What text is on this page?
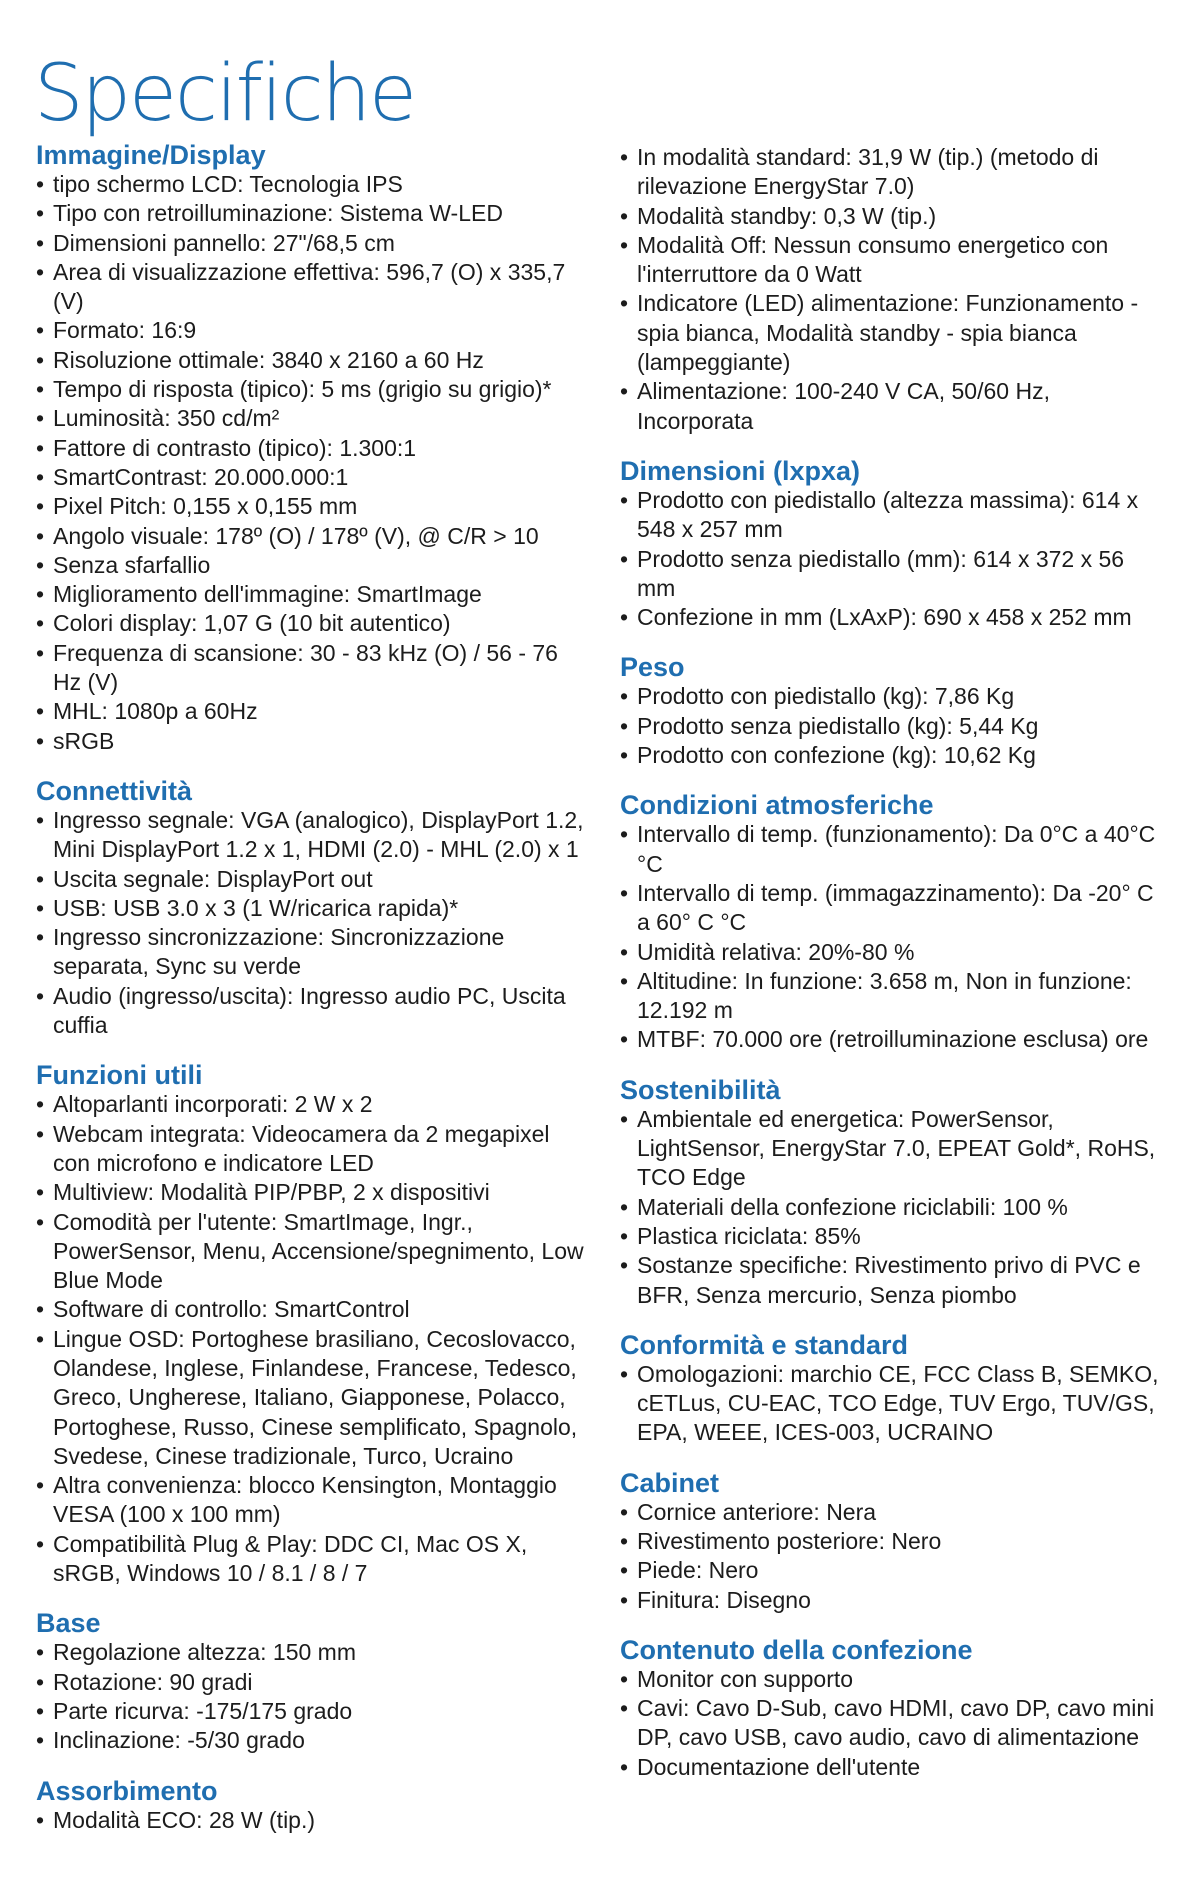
Specifiche
Immagine/Display
• tipo schermo LCD: Tecnologia IPS
• Tipo con retroilluminazione: Sistema W-LED
• Dimensioni pannello: 27"/68,5 cm
• Area di visualizzazione effettiva: 596,7 (O) x 335,7 (V)
• Formato: 16:9
• Risoluzione ottimale: 3840 x 2160 a 60 Hz
• Tempo di risposta (tipico): 5 ms (grigio su grigio)*
• Luminosità: 350 cd/m²
• Fattore di contrasto (tipico): 1.300:1
• SmartContrast: 20.000.000:1
• Pixel Pitch: 0,155 x 0,155 mm
• Angolo visuale: 178º (O) / 178º (V), @ C/R > 10
• Senza sfarfallio
• Miglioramento dell'immagine: SmartImage
• Colori display: 1,07 G (10 bit autentico)
• Frequenza di scansione: 30 - 83 kHz (O) / 56 - 76 Hz (V)
• MHL: 1080p a 60Hz
• sRGB
Connettività
• Ingresso segnale: VGA (analogico), DisplayPort 1.2, Mini DisplayPort 1.2 x 1, HDMI (2.0) - MHL (2.0) x 1
• Uscita segnale: DisplayPort out
• USB: USB 3.0 x 3 (1 W/ricarica rapida)*
• Ingresso sincronizzazione: Sincronizzazione separata, Sync su verde
• Audio (ingresso/uscita): Ingresso audio PC, Uscita cuffia
Funzioni utili
• Altoparlanti incorporati: 2 W x 2
• Webcam integrata: Videocamera da 2 megapixel con microfono e indicatore LED
• Multiview: Modalità PIP/PBP, 2 x dispositivi
• Comodità per l'utente: SmartImage, Ingr., PowerSensor, Menu, Accensione/spegnimento, Low Blue Mode
• Software di controllo: SmartControl
• Lingue OSD: Portoghese brasiliano, Cecoslovacco, Olandese, Inglese, Finlandese, Francese, Tedesco, Greco, Ungherese, Italiano, Giapponese, Polacco, Portoghese, Russo, Cinese semplificato, Spagnolo, Svedese, Cinese tradizionale, Turco, Ucraino
• Altra convenienza: blocco Kensington, Montaggio VESA (100 x 100 mm)
• Compatibilità Plug & Play: DDC CI, Mac OS X, sRGB, Windows 10 / 8.1 / 8 / 7
Base
• Regolazione altezza: 150 mm
• Rotazione: 90 gradi
• Parte ricurva: -175/175 grado
• Inclinazione: -5/30 grado
Assorbimento
• Modalità ECO: 28 W (tip.)
• In modalità standard: 31,9 W (tip.) (metodo di rilevazione EnergyStar 7.0)
• Modalità standby: 0,3 W (tip.)
• Modalità Off: Nessun consumo energetico con l'interruttore da 0 Watt
• Indicatore (LED) alimentazione: Funzionamento - spia bianca, Modalità standby - spia bianca (lampeggiante)
• Alimentazione: 100-240 V CA, 50/60 Hz, Incorporata
Dimensioni (lxpxa)
• Prodotto con piedistallo (altezza massima): 614 x 548 x 257 mm
• Prodotto senza piedistallo (mm): 614 x 372 x 56 mm
• Confezione in mm (LxAxP): 690 x 458 x 252 mm
Peso
• Prodotto con piedistallo (kg): 7,86 Kg
• Prodotto senza piedistallo (kg): 5,44 Kg
• Prodotto con confezione (kg): 10,62 Kg
Condizioni atmosferiche
• Intervallo di temp. (funzionamento): Da 0°C a 40°C °C
• Intervallo di temp. (immagazzinamento): Da -20° C a 60° C °C
• Umidità relativa: 20%-80 %
• Altitudine: In funzione: 3.658 m, Non in funzione: 12.192 m
• MTBF: 70.000 ore (retroilluminazione esclusa) ore
Sostenibilità
• Ambientale ed energetica: PowerSensor, LightSensor, EnergyStar 7.0, EPEAT Gold*, RoHS, TCO Edge
• Materiali della confezione riciclabili: 100 %
• Plastica riciclata: 85%
• Sostanze specifiche: Rivestimento privo di PVC e BFR, Senza mercurio, Senza piombo
Conformità e standard
• Omologazioni: marchio CE, FCC Class B, SEMKO, cETLus, CU-EAC, TCO Edge, TUV Ergo, TUV/GS, EPA, WEEE, ICES-003, UCRAINO
Cabinet
• Cornice anteriore: Nera
• Rivestimento posteriore: Nero
• Piede: Nero
• Finitura: Disegno
Contenuto della confezione
• Monitor con supporto
• Cavi: Cavo D-Sub, cavo HDMI, cavo DP, cavo mini DP, cavo USB, cavo audio, cavo di alimentazione
• Documentazione dell'utente
